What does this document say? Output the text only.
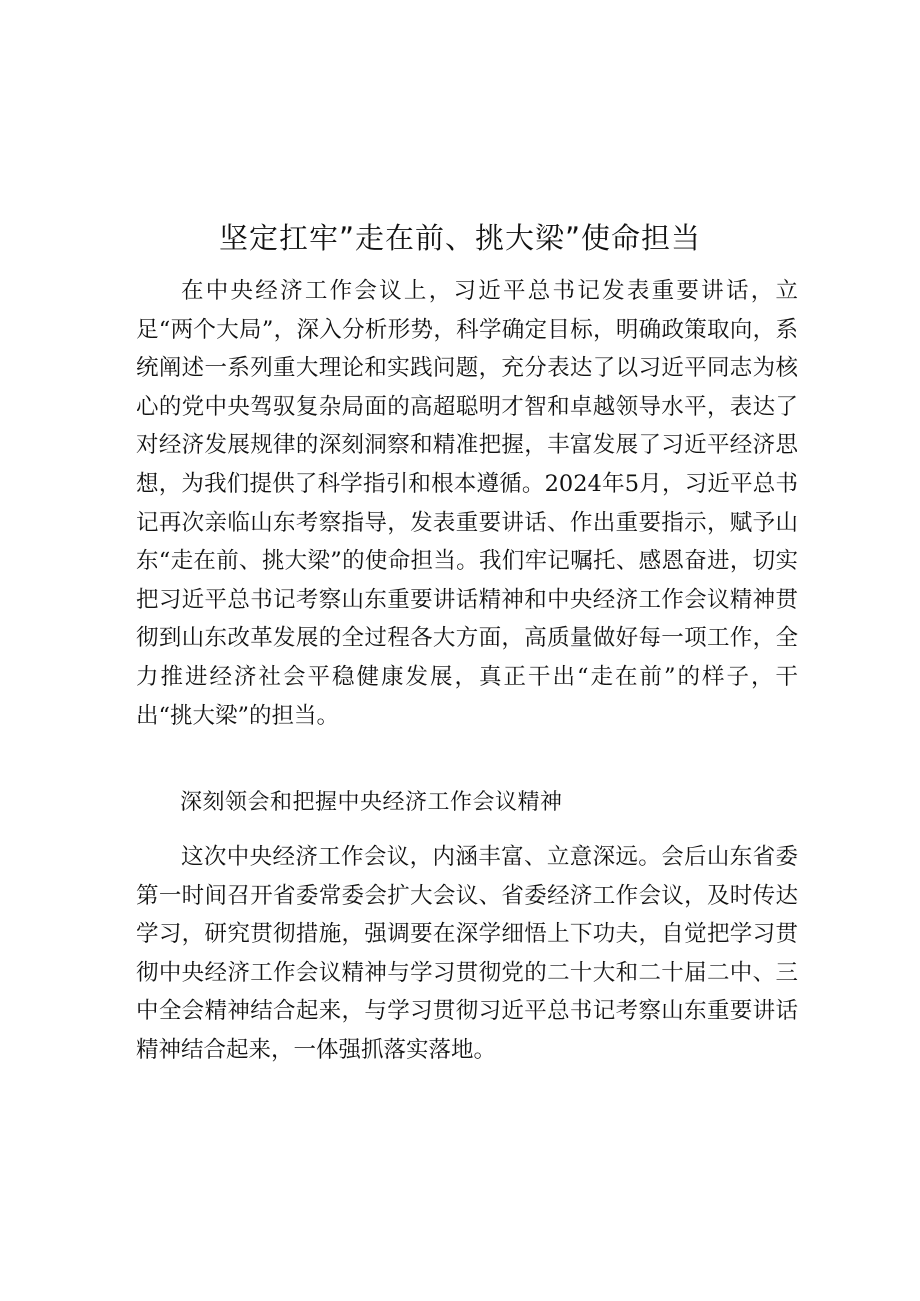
坚定扛牢”走在前、挑大梁”使命担当

在中央经济工作会议上，习近平总书记发表重要讲话，立足“两个大局”，深入分析形势，科学确定目标，明确政策取向，系统阐述一系列重大理论和实践问题，充分表达了以习近平同志为核心的党中央驾驭复杂局面的高超聪明才智和卓越领导水平，表达了对经济发展规律的深刻洞察和精准把握，丰富发展了习近平经济思想，为我们提供了科学指引和根本遵循。2024年5月，习近平总书记再次亲临山东考察指导，发表重要讲话、作出重要指示，赋予山东“走在前、挑大梁”的使命担当。我们牢记嘱托、感恩奋进，切实把习近平总书记考察山东重要讲话精神和中央经济工作会议精神贯彻到山东改革发展的全过程各大方面，高质量做好每一项工作，全力推进经济社会平稳健康发展，真正干出“走在前”的样子，干出“挑大梁”的担当。

深刻领会和把握中央经济工作会议精神

这次中央经济工作会议，内涵丰富、立意深远。会后山东省委第一时间召开省委常委会扩大会议、省委经济工作会议，及时传达学习，研究贯彻措施，强调要在深学细悟上下功夫，自觉把学习贯彻中央经济工作会议精神与学习贯彻党的二十大和二十届二中、三中全会精神结合起来，与学习贯彻习近平总书记考察山东重要讲话精神结合起来，一体强抓落实落地。
